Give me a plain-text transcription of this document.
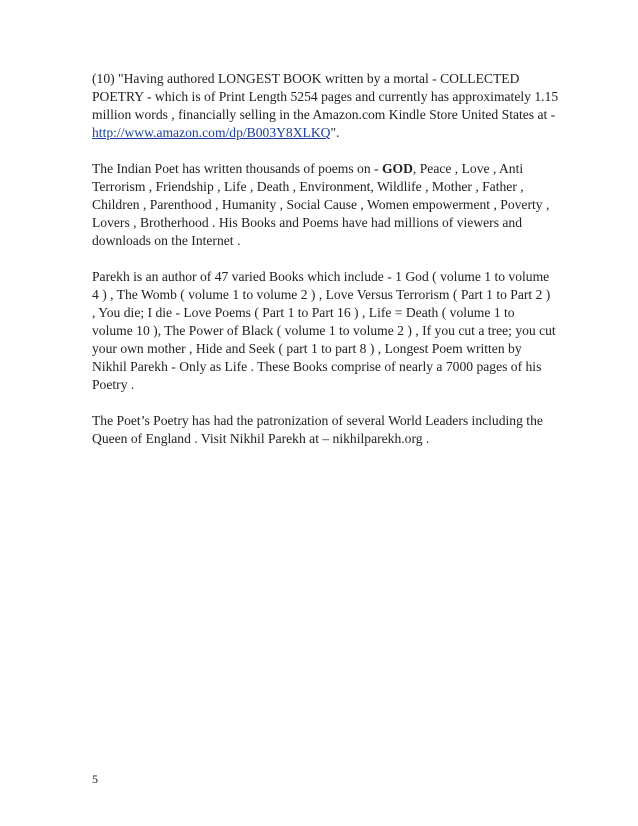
(10) "Having authored LONGEST BOOK written by a mortal - COLLECTED
POETRY - which is of Print Length 5254 pages and currently has approximately 1.15
million words , financially selling in the Amazon.com Kindle Store United States at -
http://www.amazon.com/dp/B003Y8XLKQ".

The Indian Poet has written thousands of poems on - GOD, Peace , Love , Anti
Terrorism , Friendship , Life , Death , Environment, Wildlife , Mother , Father ,
Children , Parenthood , Humanity , Social Cause , Women empowerment , Poverty ,
Lovers , Brotherhood . His Books and Poems have had millions of viewers and
downloads on the Internet .

Parekh is an author of 47 varied Books which include - 1 God ( volume 1 to volume
4 ) , The Womb ( volume 1 to volume 2 ) , Love Versus Terrorism ( Part 1 to Part 2 )
, You die; I die - Love Poems ( Part 1 to Part 16 ) , Life = Death ( volume 1 to
volume 10 ), The Power of Black ( volume 1 to volume 2 ) , If you cut a tree; you cut
your own mother , Hide and Seek ( part 1 to part 8 ) , Longest Poem written by
Nikhil Parekh - Only as Life . These Books comprise of nearly a 7000 pages of his
Poetry .

The Poet’s Poetry has had the patronization of several World Leaders including the
Queen of England . Visit Nikhil Parekh at – nikhilparekh.org .

5
